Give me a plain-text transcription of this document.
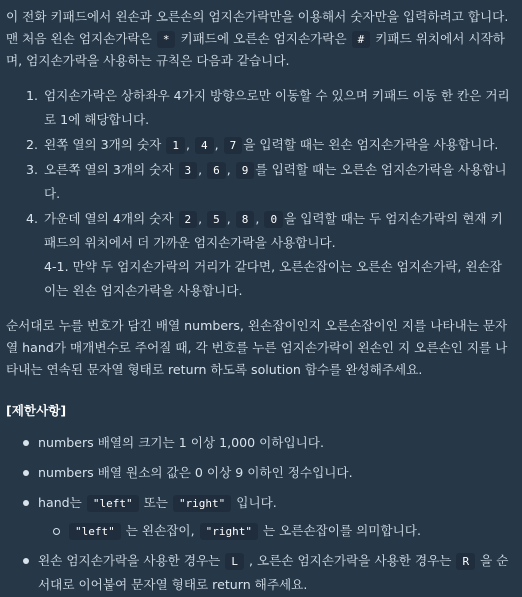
이 전화 키패드에서 왼손과 오른손의 엄지손가락만을 이용해서 숫자만을 입력하려고 합니다. 맨 처음 왼손 엄지손가락은 * 키패드에 오른손 엄지손가락은 # 키패드 위치에서 시작하며, 엄지손가락을 사용하는 규칙은 다음과 같습니다.

1. 엄지손가락은 상하좌우 4가지 방향으로만 이동할 수 있으며 키패드 이동 한 칸은 거리로 1에 해당합니다.
2. 왼쪽 열의 3개의 숫자 1 , 4 , 7 을 입력할 때는 왼손 엄지손가락을 사용합니다.
3. 오른쪽 열의 3개의 숫자 3 , 6 , 9 를 입력할 때는 오른손 엄지손가락을 사용합니다.
4. 가운데 열의 4개의 숫자 2 , 5 , 8 , 0 을 입력할 때는 두 엄지손가락의 현재 키패드의 위치에서 더 가까운 엄지손가락을 사용합니다.
4-1. 만약 두 엄지손가락의 거리가 같다면, 오른손잡이는 오른손 엄지손가락, 왼손잡이는 왼손 엄지손가락을 사용합니다.

순서대로 누를 번호가 담긴 배열 numbers, 왼손잡이인지 오른손잡이인 지를 나타내는 문자열 hand가 매개변수로 주어질 때, 각 번호를 누른 엄지손가락이 왼손인 지 오른손인 지를 나타내는 연속된 문자열 형태로 return 하도록 solution 함수를 완성해주세요.

[제한사항]
numbers 배열의 크기는 1 이상 1,000 이하입니다.
numbers 배열 원소의 값은 0 이상 9 이하인 정수입니다.
hand는 "left" 또는 "right" 입니다.
"left" 는 왼손잡이, "right" 는 오른손잡이를 의미합니다.
왼손 엄지손가락을 사용한 경우는 L , 오른손 엄지손가락을 사용한 경우는 R 을 순서대로 이어붙여 문자열 형태로 return 해주세요.
